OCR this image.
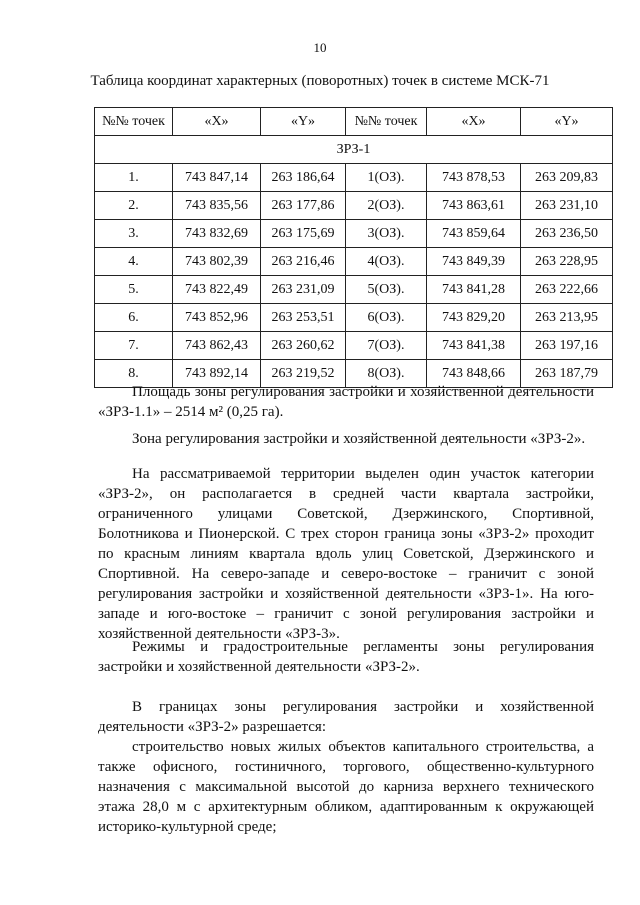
10
Таблица координат характерных (поворотных) точек в системе МСК-71
№№ точек	«X»	«Y»	№№ точек	«X»	«Y»
ЗРЗ-1					
1.	743 847,14	263 186,64	1(ОЗ).	743 878,53	263 209,83
2.	743 835,56	263 177,86	2(ОЗ).	743 863,61	263 231,10
3.	743 832,69	263 175,69	3(ОЗ).	743 859,64	263 236,50
4.	743 802,39	263 216,46	4(ОЗ).	743 849,39	263 228,95
5.	743 822,49	263 231,09	5(ОЗ).	743 841,28	263 222,66
6.	743 852,96	263 253,51	6(ОЗ).	743 829,20	263 213,95
7.	743 862,43	263 260,62	7(ОЗ).	743 841,38	263 197,16
8.	743 892,14	263 219,52	8(ОЗ).	743 848,66	263 187,79

Площадь зоны регулирования застройки и хозяйственной деятельности «ЗРЗ-1.1» – 2514 м² (0,25 га).

Зона регулирования застройки и хозяйственной деятельности «ЗРЗ-2».

На рассматриваемой территории выделен один участок категории «ЗРЗ-2», он располагается в средней части квартала застройки, ограниченного улицами Советской, Дзержинского, Спортивной, Болотникова и Пионерской. С трех сторон граница зоны «ЗРЗ-2» проходит по красным линиям квартала вдоль улиц Советской, Дзержинского и Спортивной. На северо-западе и северо-востоке – граничит с зоной регулирования застройки и хозяйственной деятельности «ЗРЗ-1». На юго-западе и юго-востоке – граничит с зоной регулирования застройки и хозяйственной деятельности «ЗРЗ-3».

Режимы и градостроительные регламенты зоны регулирования застройки и хозяйственной деятельности «ЗРЗ-2».

В границах зоны регулирования застройки и хозяйственной деятельности «ЗРЗ-2» разрешается:

строительство новых жилых объектов капитального строительства, а также офисного, гостиничного, торгового, общественно-культурного назначения с максимальной высотой до карниза верхнего технического этажа 28,0 м с архитектурным обликом, адаптированным к окружающей историко-культурной среде;
